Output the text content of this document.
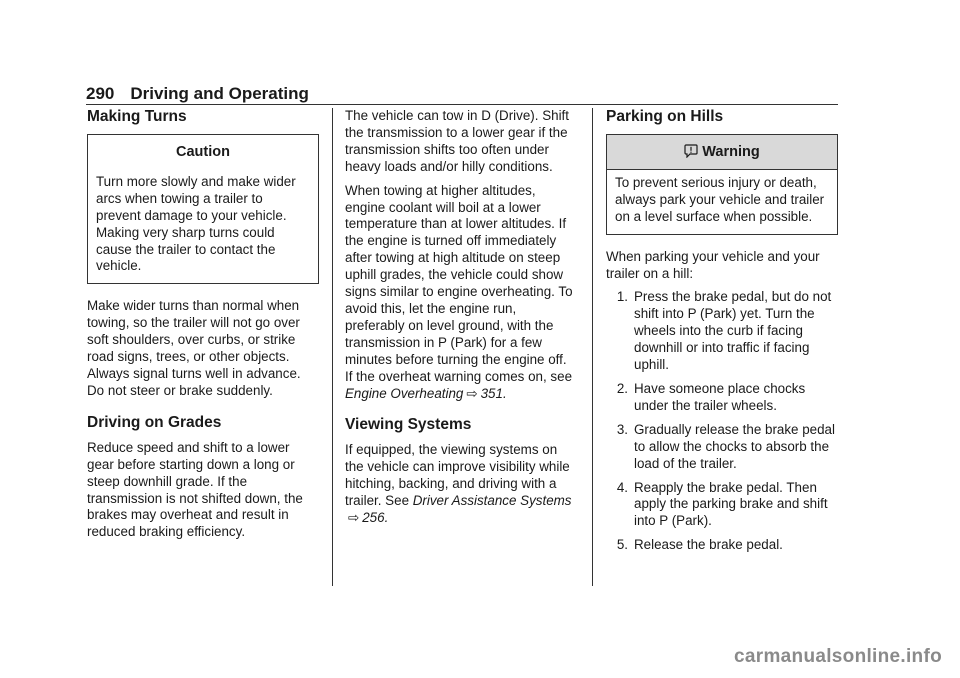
290 Driving and Operating
Making Turns
Caution
Turn more slowly and make wider arcs when towing a trailer to prevent damage to your vehicle. Making very sharp turns could cause the trailer to contact the vehicle.

Make wider turns than normal when towing, so the trailer will not go over soft shoulders, over curbs, or strike road signs, trees, or other objects. Always signal turns well in advance. Do not steer or brake suddenly.

Driving on Grades

Reduce speed and shift to a lower gear before starting down a long or steep downhill grade. If the transmission is not shifted down, the brakes may overheat and result in reduced braking efficiency.

The vehicle can tow in D (Drive). Shift the transmission to a lower gear if the transmission shifts too often under heavy loads and/or hilly conditions.

When towing at higher altitudes, engine coolant will boil at a lower temperature than at lower altitudes. If the engine is turned off immediately after towing at high altitude on steep uphill grades, the vehicle could show signs similar to engine overheating. To avoid this, let the engine run, preferably on level ground, with the transmission in P (Park) for a few minutes before turning the engine off. If the overheat warning comes on, see Engine Overheating ⇨ 351.

Viewing Systems

If equipped, the viewing systems on the vehicle can improve visibility while hitching, backing, and driving with a trailer. See Driver Assistance Systems⇨ 256.

Parking on Hills
Warning
To prevent serious injury or death, always park your vehicle and trailer on a level surface when possible.

When parking your vehicle and your trailer on a hill:

1. Press the brake pedal, but do not shift into P (Park) yet. Turn the wheels into the curb if facing downhill or into traffic if facing uphill.
2. Have someone place chocks under the trailer wheels.
3. Gradually release the brake pedal to allow the chocks to absorb the load of the trailer.
4. Reapply the brake pedal. Then apply the parking brake and shift into P (Park).
5. Release the brake pedal.
carmanualsonline.info
